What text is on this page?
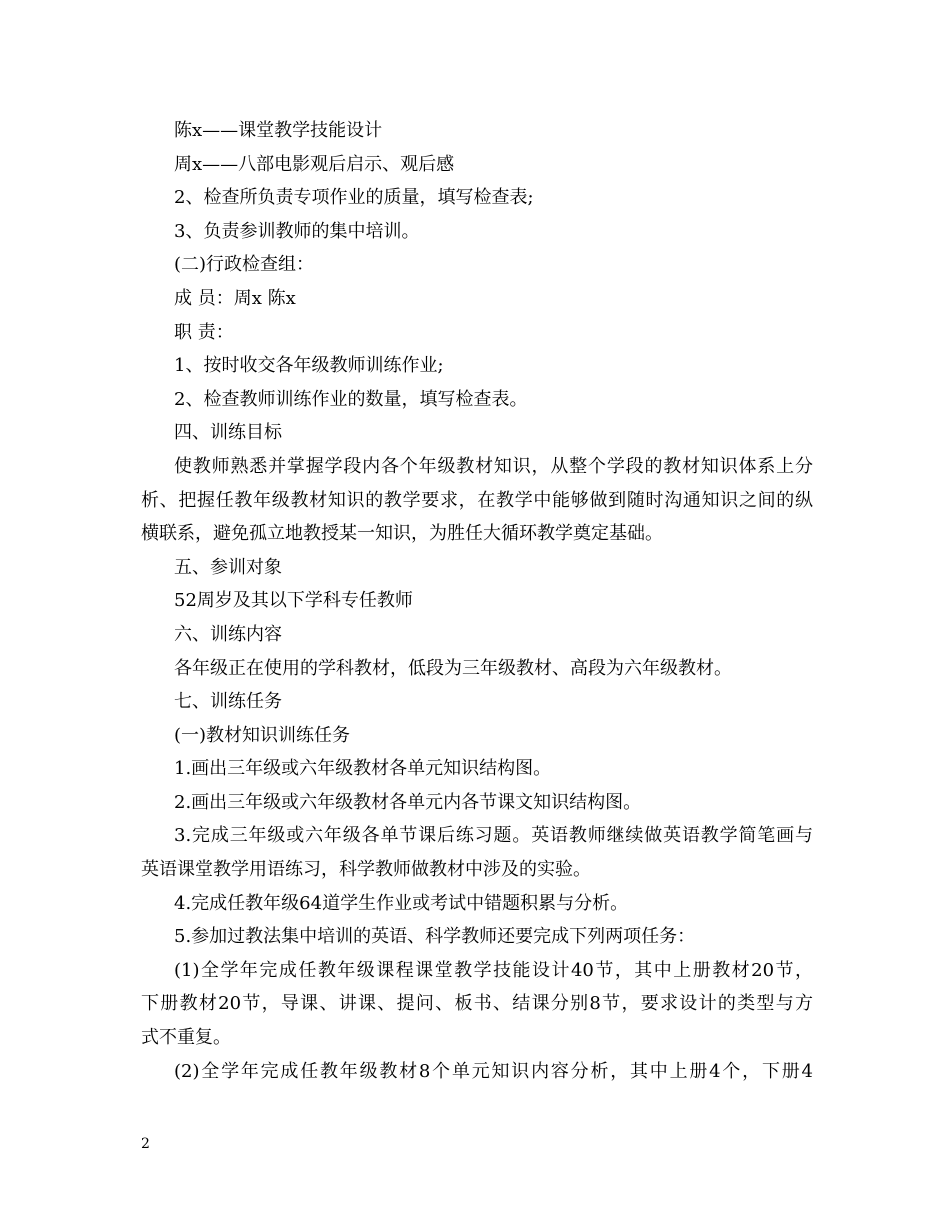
陈x——课堂教学技能设计
周x——八部电影观后启示、观后感
2、检查所负责专项作业的质量，填写检查表;
3、负责参训教师的集中培训。
(二)行政检查组：
成 员：周x 陈x
职 责：
1、按时收交各年级教师训练作业;
2、检查教师训练作业的数量，填写检查表。
四、训练目标
使教师熟悉并掌握学段内各个年级教材知识，从整个学段的教材知识体系上分
析、把握任教年级教材知识的教学要求，在教学中能够做到随时沟通知识之间的纵
横联系，避免孤立地教授某一知识，为胜任大循环教学奠定基础。
五、参训对象
52周岁及其以下学科专任教师
六、训练内容
各年级正在使用的学科教材，低段为三年级教材、高段为六年级教材。
七、训练任务
(一)教材知识训练任务
1.画出三年级或六年级教材各单元知识结构图。
2.画出三年级或六年级教材各单元内各节课文知识结构图。
3.完成三年级或六年级各单节课后练习题。英语教师继续做英语教学简笔画与
英语课堂教学用语练习，科学教师做教材中涉及的实验。
4.完成任教年级64道学生作业或考试中错题积累与分析。
5.参加过教法集中培训的英语、科学教师还要完成下列两项任务：
(1)全学年完成任教年级课程课堂教学技能设计40节，其中上册教材20节，
下册教材20节，导课、讲课、提问、板书、结课分别8节，要求设计的类型与方
式不重复。
(2)全学年完成任教年级教材8个单元知识内容分析，其中上册4个，下册4
2
